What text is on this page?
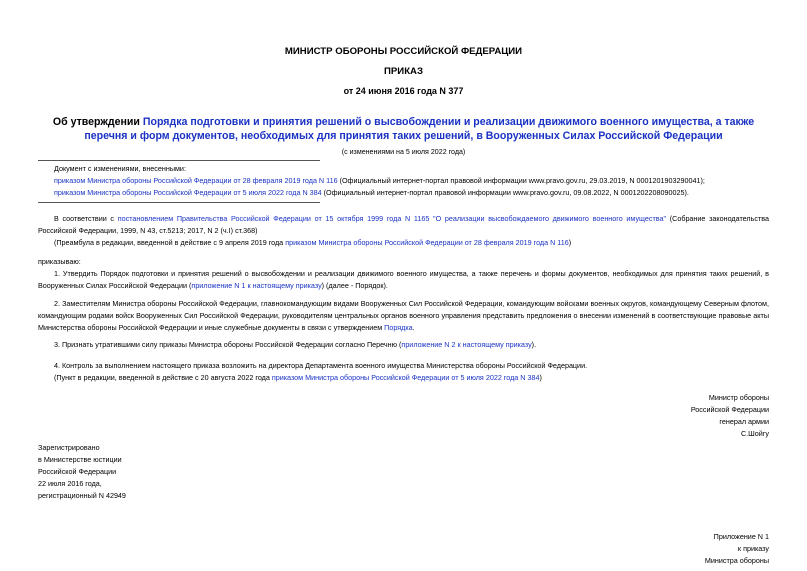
МИНИСТР ОБОРОНЫ РОССИЙСКОЙ ФЕДЕРАЦИИ
ПРИКАЗ
от 24 июня 2016 года N 377
Об утверждении Порядка подготовки и принятия решений о высвобождении и реализации движимого военного имущества, а также перечня и форм документов, необходимых для принятия таких решений, в Вооруженных Силах Российской Федерации
(с изменениями на 5 июля 2022 года)
Документ с изменениями, внесенными:
приказом Министра обороны Российской Федерации от 28 февраля 2019 года N 116 (Официальный интернет-портал правовой информации www.pravo.gov.ru, 29.03.2019, N 0001201903290041);
приказом Министра обороны Российской Федерации от 5 июля 2022 года N 384 (Официальный интернет-портал правовой информации www.pravo.gov.ru, 09.08.2022, N 0001202208090025).
В соответствии с постановлением Правительства Российской Федерации от 15 октября 1999 года N 1165 "О реализации высвобождаемого движимого военного имущества" (Собрание законодательства Российской Федерации, 1999, N 43, ст.5213; 2017, N 2 (ч.I) ст.368)
(Преамбула в редакции, введенной в действие с 9 апреля 2019 года приказом Министра обороны Российской Федерации от 28 февраля 2019 года N 116)
приказываю:
1. Утвердить Порядок подготовки и принятия решений о высвобождении и реализации движимого военного имущества, а также перечень и формы документов, необходимых для принятия таких решений, в Вооруженных Силах Российской Федерации (приложение N 1 к настоящему приказу) (далее - Порядок).
2. Заместителям Министра обороны Российской Федерации, главнокомандующим видами Вооруженных Сил Российской Федерации, командующим войсками военных округов, командующему Северным флотом, командующим родами войск Вооруженных Сил Российской Федерации, руководителям центральных органов военного управления представить предложения о внесении изменений в соответствующие правовые акты Министерства обороны Российской Федерации и иные служебные документы в связи с утверждением Порядка.
3. Признать утратившими силу приказы Министра обороны Российской Федерации согласно Перечню (приложение N 2 к настоящему приказу).
4. Контроль за выполнением настоящего приказа возложить на директора Департамента военного имущества Министерства обороны Российской Федерации.
(Пункт в редакции, введенной в действие с 20 августа 2022 года приказом Министра обороны Российской Федерации от 5 июля 2022 года N 384)
Министр обороны
Российской Федерации
генерал армии
С.Шойгу
Зарегистрировано
в Министерстве юстиции
Российской Федерации
22 июля 2016 года,
регистрационный N 42949
Приложение N 1
к приказу
Министра обороны
